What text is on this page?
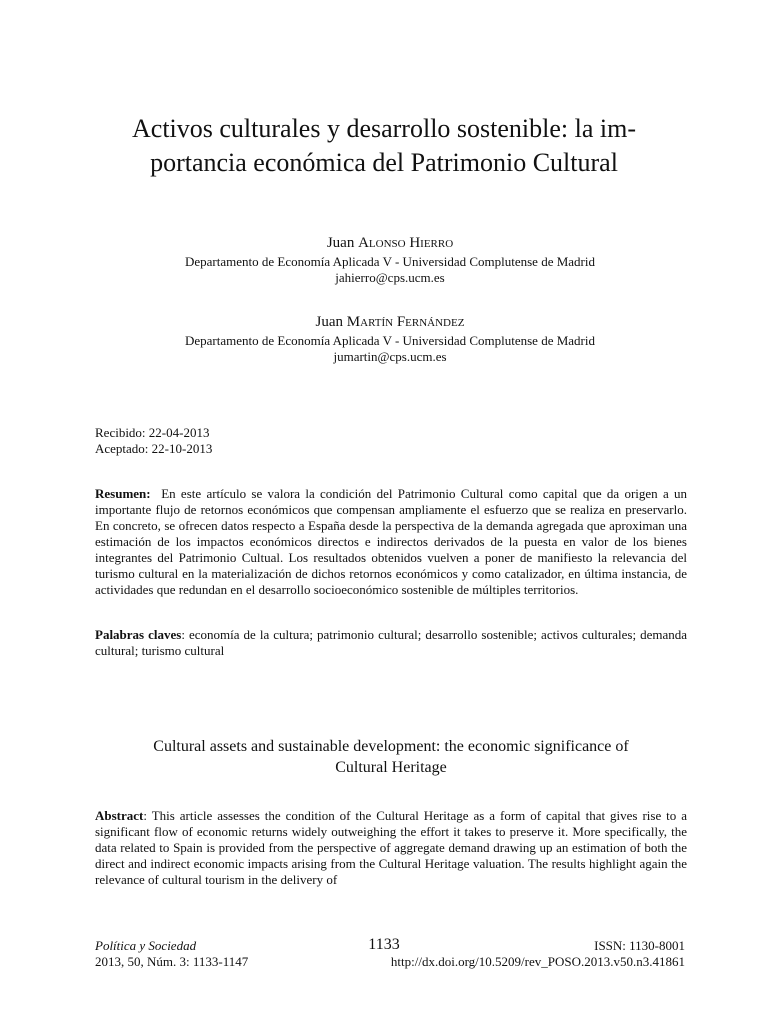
Activos culturales y desarrollo sostenible: la im-
portancia económica del Patrimonio Cultural
Juan Alonso Hierro
Departamento de Economía Aplicada V - Universidad Complutense de Madrid
jahierro@cps.ucm.es
Juan Martín Fernández
Departamento de Economía Aplicada V - Universidad Complutense de Madrid
jumartin@cps.ucm.es
Recibido: 22-04-2013
Aceptado: 22-10-2013

Resumen: En este artículo se valora la condición del Patrimonio Cultural como capital que da origen a un importante flujo de retornos económicos que compensan ampliamente el esfuerzo que se realiza en preservarlo. En concreto, se ofrecen datos respecto a España desde la perspectiva de la demanda agregada que aproximan una estimación de los impactos económicos directos e indirectos derivados de la puesta en valor de los bienes integrantes del Patrimonio Cultual. Los resultados obtenidos vuelven a poner de manifiesto la relevancia del turismo cultural en la materialización de dichos retornos económicos y como catalizador, en última instancia, de actividades que redundan en el desarrollo socioeconómico sostenible de múltiples territorios.

Palabras claves: economía de la cultura; patrimonio cultural; desarrollo sostenible; activos culturales; demanda cultural; turismo cultural

Cultural assets and sustainable development: the economic significance of
Cultural Heritage

Abstract: This article assesses the condition of the Cultural Heritage as a form of capital that gives rise to a significant flow of economic returns widely outweighing the effort it takes to preserve it. More specifically, the data related to Spain is provided from the perspective of aggregate demand drawing up an estimation of both the direct and indirect economic impacts arising from the Cultural Heritage valuation. The results highlight again the relevance of cultural tourism in the delivery of

Política y Sociedad
2013, 50, Núm. 3: 1133-1147
1133	ISSN: 1130-8001
http://dx.doi.org/10.5209/rev_POSO.2013.v50.n3.41861
